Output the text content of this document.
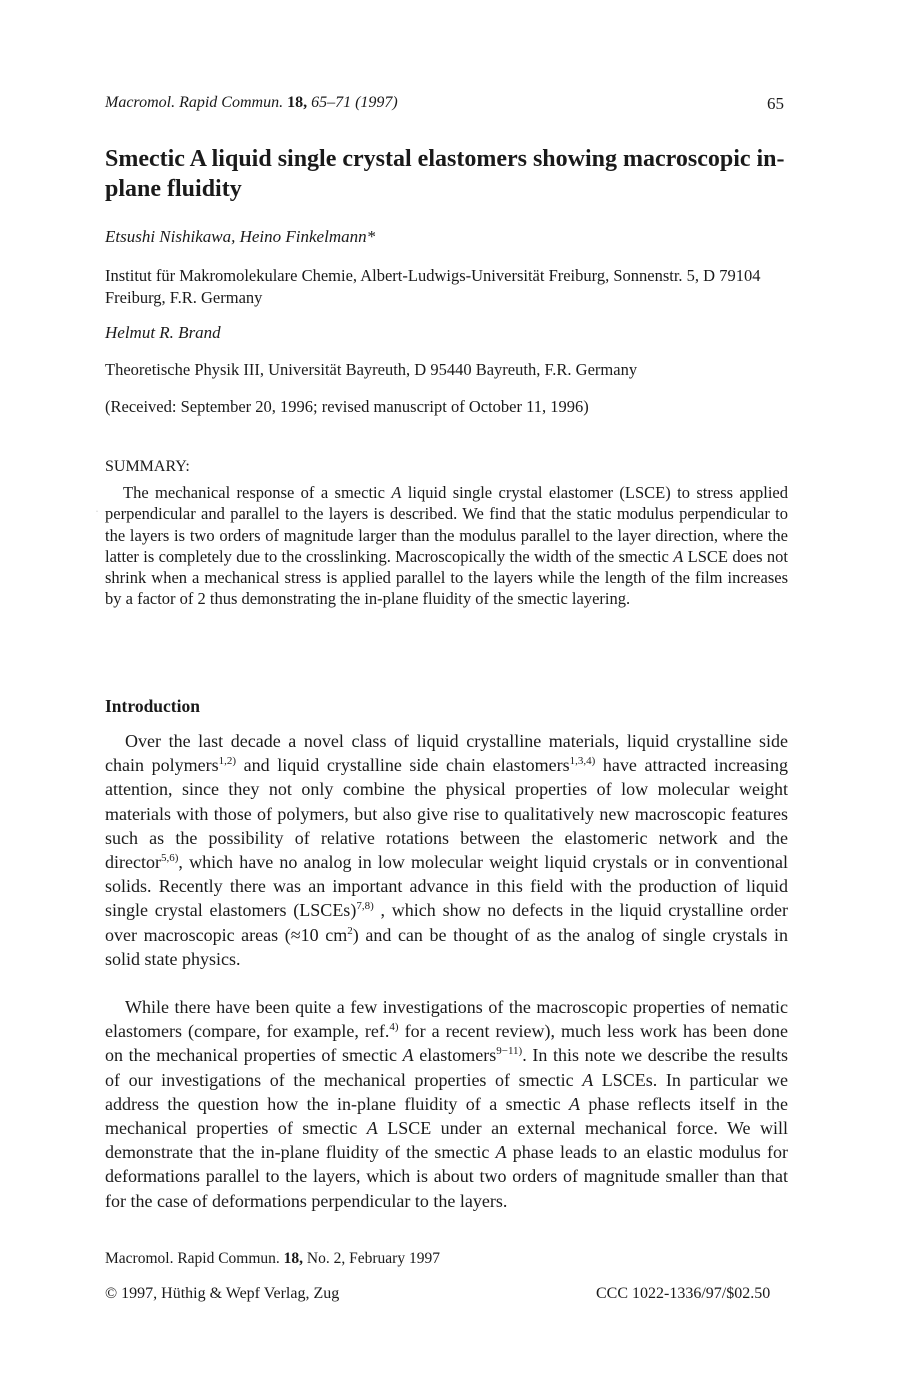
Macromol. Rapid Commun. 18, 65–71 (1997)	65
Smectic A liquid single crystal elastomers showing macroscopic in-plane fluidity
Etsushi Nishikawa, Heino Finkelmann*
Institut für Makromolekulare Chemie, Albert-Ludwigs-Universität Freiburg, Sonnenstr. 5, D 79104 Freiburg, F.R. Germany
Helmut R. Brand
Theoretische Physik III, Universität Bayreuth, D 95440 Bayreuth, F.R. Germany
(Received: September 20, 1996; revised manuscript of October 11, 1996)
SUMMARY:
·
The mechanical response of a smectic A liquid single crystal elastomer (LSCE) to stress applied perpendicular and parallel to the layers is described. We find that the static modulus perpendicular to the layers is two orders of magnitude larger than the modulus parallel to the layer direction, where the latter is completely due to the crosslinking. Macroscopically the width of the smectic A LSCE does not shrink when a mechanical stress is applied parallel to the layers while the length of the film increases by a factor of 2 thus demonstrating the in-plane fluidity of the smectic layering.
Introduction
Over the last decade a novel class of liquid crystalline materials, liquid crystalline side chain polymers$^{1,2)}$ and liquid crystalline side chain elastomers$^{1,3,4)}$ have attracted increasing attention, since they not only combine the physical properties of low molecular weight materials with those of polymers, but also give rise to qualitatively new macroscopic features such as the possibility of relative rotations between the elastomeric network and the director$^{5,6)}$, which have no analog in low molecular weight liquid crystals or in conventional solids. Recently there was an important advance in this field with the production of liquid single crystal elastomers (LSCEs)$^{7,8)}$ , which show no defects in the liquid crystalline order over macroscopic areas (≈10 $cm^2$) and can be thought of as the analog of single crystals in solid state physics.
While there have been quite a few investigations of the macroscopic properties of nematic elastomers (compare, for example, ref.$^{4)}$ for a recent review), much less work has been done on the mechanical properties of smectic A elastomers$^{9-11)}$. In this note we describe the results of our investigations of the mechanical properties of smectic A LSCEs. In particular we address the question how the in-plane fluidity of a smectic A phase reflects itself in the mechanical properties of smectic A LSCE under an external mechanical force. We will demonstrate that the in-plane fluidity of the smectic A phase leads to an elastic modulus for deformations parallel to the layers, which is about two orders of magnitude smaller than that for the case of deformations perpendicular to the layers.
Macromol. Rapid Commun. 18, No. 2, February 1997
© 1997, Hüthig & Wepf Verlag, Zug	CCC 1022-1336/97/$02.50
